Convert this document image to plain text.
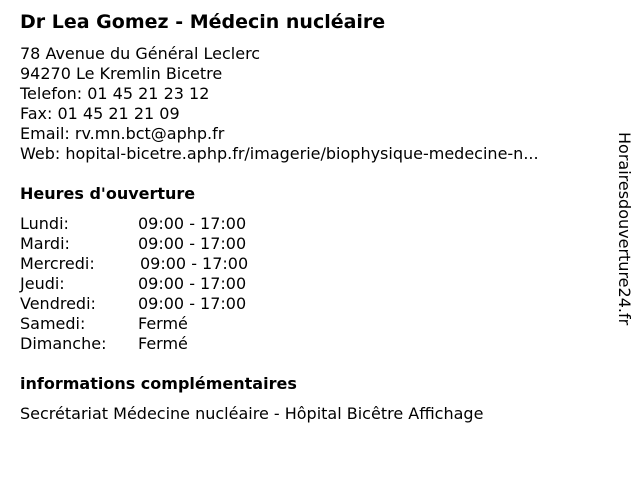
Dr Lea Gomez - Médecin nucléaire
78 Avenue du Général Leclerc
94270 Le Kremlin Bicetre
Telefon: 01 45 21 23 12
Fax: 01 45 21 21 09
Email: rv.mn.bct@aphp.fr
Web: hopital-bicetre.aphp.fr/imagerie/biophysique-medecine-n...
Heures d'ouverture
Lundi:	09:00 - 17:00
Mardi:	09:00 - 17:00
Mercredi:	09:00 - 17:00
Jeudi:	09:00 - 17:00
Vendredi:	09:00 - 17:00
Samedi:	Fermé
Dimanche: Fermé
informations complémentaires
Secrétariat Médecine nucléaire - Hôpital Bicêtre Affichage
Horairesdouverture24.fr
